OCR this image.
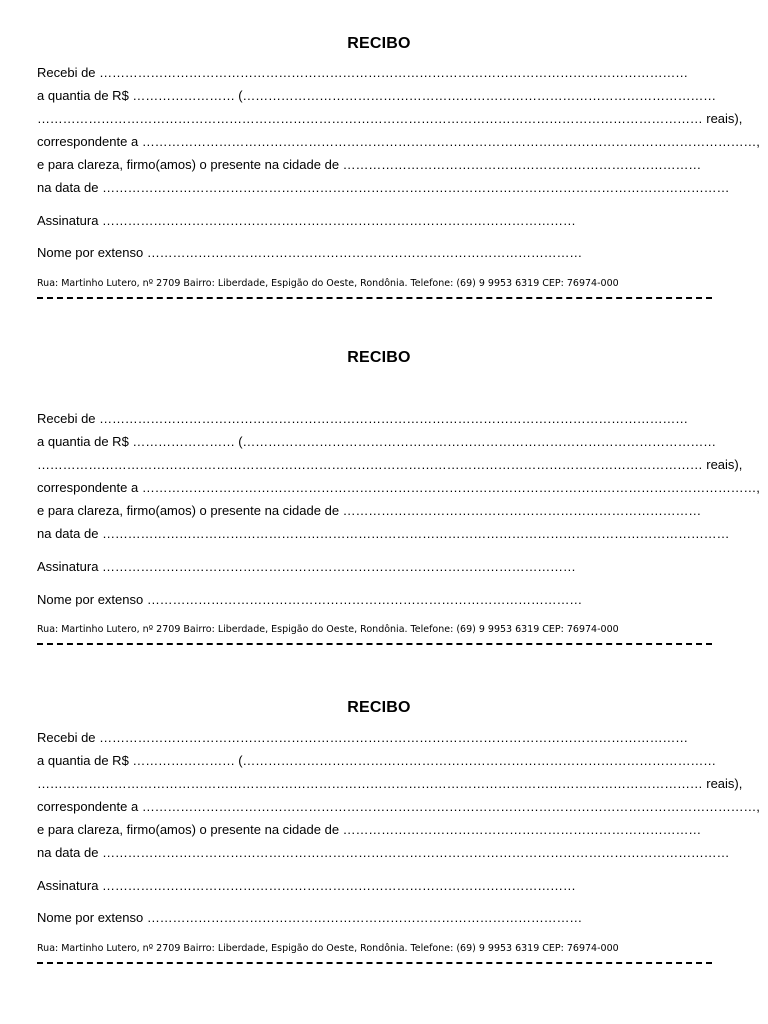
RECIBO
Recebi de …………………………………………………………………………………………………………………………
a quantia de R$ …………………… (…………………………………………………………………………………………………
………………………………………………………………………………………………………………………………………… reais),
correspondente a ………………………………………………………………………………………………………………………………,
e para clareza, firmo(amos) o presente na cidade de …………………………………………………………………………
na data de …………………………………………………………………………………………………………………………………
Assinatura …………………………………………………………………………………………………
Nome por extenso …………………………………………………………………………………………
Rua: Martinho Lutero, nº 2709 Bairro: Liberdade, Espigão do Oeste, Rondônia. Telefone: (69) 9 9953 6319 CEP: 76974-000
RECIBO
Recebi de …………………………………………………………………………………………………………………………
a quantia de R$ …………………… (…………………………………………………………………………………………………
………………………………………………………………………………………………………………………………………… reais),
correspondente a ………………………………………………………………………………………………………………………………,
e para clareza, firmo(amos) o presente na cidade de …………………………………………………………………………
na data de …………………………………………………………………………………………………………………………………
Assinatura …………………………………………………………………………………………………
Nome por extenso …………………………………………………………………………………………
Rua: Martinho Lutero, nº 2709 Bairro: Liberdade, Espigão do Oeste, Rondônia. Telefone: (69) 9 9953 6319 CEP: 76974-000
RECIBO
Recebi de …………………………………………………………………………………………………………………………
a quantia de R$ …………………… (…………………………………………………………………………………………………
………………………………………………………………………………………………………………………………………… reais),
correspondente a ………………………………………………………………………………………………………………………………,
e para clareza, firmo(amos) o presente na cidade de …………………………………………………………………………
na data de …………………………………………………………………………………………………………………………………
Assinatura …………………………………………………………………………………………………
Nome por extenso …………………………………………………………………………………………
Rua: Martinho Lutero, nº 2709 Bairro: Liberdade, Espigão do Oeste, Rondônia. Telefone: (69) 9 9953 6319 CEP: 76974-000
